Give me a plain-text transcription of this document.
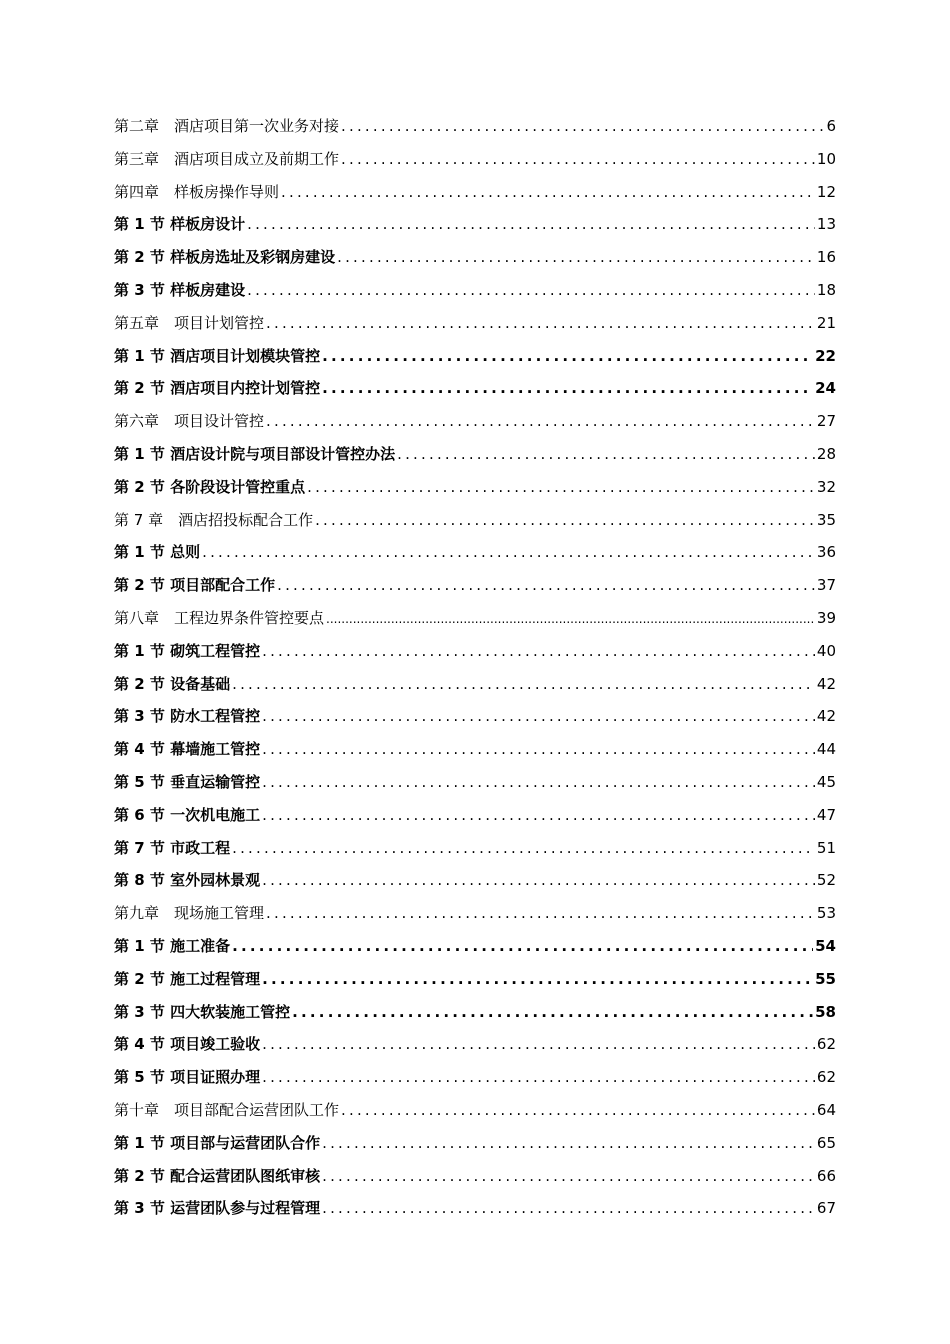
第二章　酒店项目第一次业务对接 .....	6
第三章　酒店项目成立及前期工作 .....	10
第四章　样板房操作导则 .....	12
第 1 节 样板房设计 .....	13
第 2 节 样板房选址及彩钢房建设 .....	16
第 3 节 样板房建设 .....	18
第五章　项目计划管控 .....	21
第 1 节 酒店项目计划模块管控 .....	22
第 2 节 酒店项目内控计划管控 .....	24
第六章　项目设计管控 .....	27
第 1 节 酒店设计院与项目部设计管控办法 .....	28
第 2 节 各阶段设计管控重点 .....	32
第 7 章　酒店招投标配合工作 .....	35
第 1 节 总则 .....	36
第 2 节 项目部配合工作 .....	37
第八章　工程边界条件管控要点 .....	39
第 1 节 砌筑工程管控 .....	40
第 2 节 设备基础 .....	42
第 3 节 防水工程管控 .....	42
第 4 节 幕墙施工管控 .....	44
第 5 节 垂直运输管控 .....	45
第 6 节 一次机电施工 .....	47
第 7 节 市政工程 .....	51
第 8 节 室外园林景观 .....	52
第九章　现场施工管理 .....	53
第 1 节 施工准备 .....	54
第 2 节 施工过程管理 .....	55
第 3 节 四大软装施工管控 .....	58
第 4 节 项目竣工验收 .....	62
第 5 节 项目证照办理 .....	62
第十章　项目部配合运营团队工作 .....	64
第 1 节 项目部与运营团队合作 .....	65
第 2 节 配合运营团队图纸审核 .....	66
第 3 节 运营团队参与过程管理 .....	67
